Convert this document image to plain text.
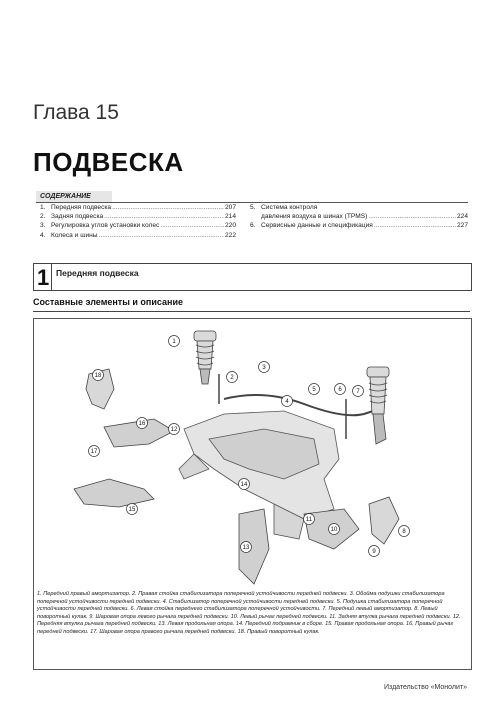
Глава 15
ПОДВЕСКА
СОДЕРЖАНИЕ
1. Передняя подвеска .....	207
2. Задняя подвеска .....	214
3. Регулировка углов установки колес .....	220
4. Колеса и шины .....	222
5. Система контроля
давления воздуха в шинах (TPMS) .....	224
6. Сервисные данные и спецификация .....	227
1 Передняя подвеска
Составные элементы и описание
1
2
3
4
5	6 7
8
9
10
11
12
13
14
15
16
17
18
1. Передний правый амортизатор. 2. Правая стойка стабилизатора поперечной устойчивости передней подвески. 3. Обойма подушки стабилизатора поперечной устойчивости передней подвески. 4. Стабилизатор поперечной устойчивости передней подвески. 5. Подушка стабилизатора поперечной устойчивости передней подвески. 6. Левая стойка переднего стабилизатора поперечной устойчивости. 7. Передний левый амортизатор. 8. Левый поворотный кулак. 9. Шаровая опора левого рычага передней подвески. 10. Левый рычаг передней подвески. 11. Задняя втулка рычага передней подвески. 12. Передняя втулка рычага передней подвески. 13. Левая продольная опора. 14. Передний подрамник в сборе. 15. Правая продольная опора. 16. Правый рычаг передней подвески. 17. Шаровая опора правого рычага передней подвески. 18. Правый поворотный кулак.
Издательство «Монолит»
